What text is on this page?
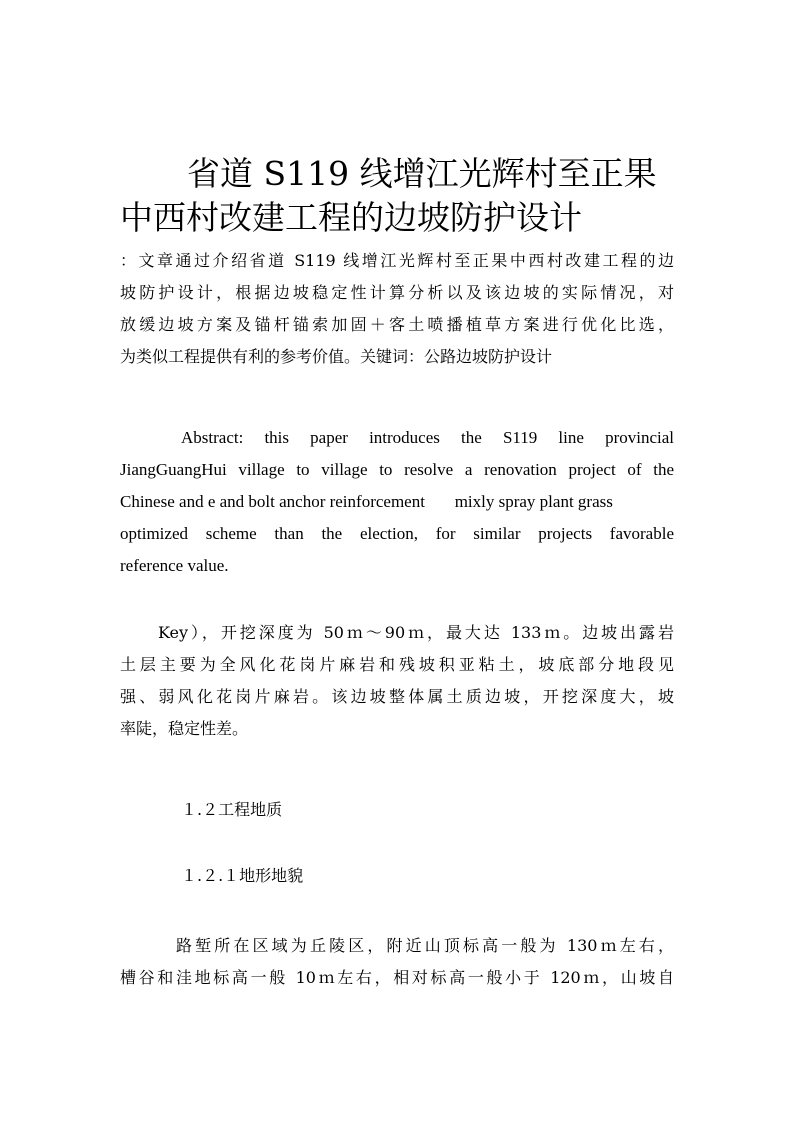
省道 S119 线增江光辉村至正果
中西村改建工程的边坡防护设计
：文章通过介绍省道 S119 线增江光辉村至正果中西村改建工程的边
坡防护设计，根据边坡稳定性计算分析以及该边坡的实际情况，对
放缓边坡方案及锚杆锚索加固＋客土喷播植草方案进行优化比选，
为类似工程提供有利的参考价值。关键词：公路边坡防护设计
Abstract: this paper introduces the S119 line provincial
JiangGuangHui village to village to resolve a renovation project of the
Chinese and e and bolt anchor reinforcement       mixly spray plant grass
optimized scheme than the election, for similar projects favorable
reference value.
Key），开挖深度为 50ｍ～90ｍ，最大达 133ｍ。边坡出露岩
土层主要为全风化花岗片麻岩和残坡积亚粘土，坡底部分地段见
强、弱风化花岗片麻岩。该边坡整体属土质边坡，开挖深度大，坡
率陡，稳定性差。
１.２工程地质
１.２.１地形地貌
路堑所在区域为丘陵区，附近山顶标高一般为 130ｍ左右，
槽谷和洼地标高一般 10ｍ左右，相对标高一般小于 120ｍ，山坡自
